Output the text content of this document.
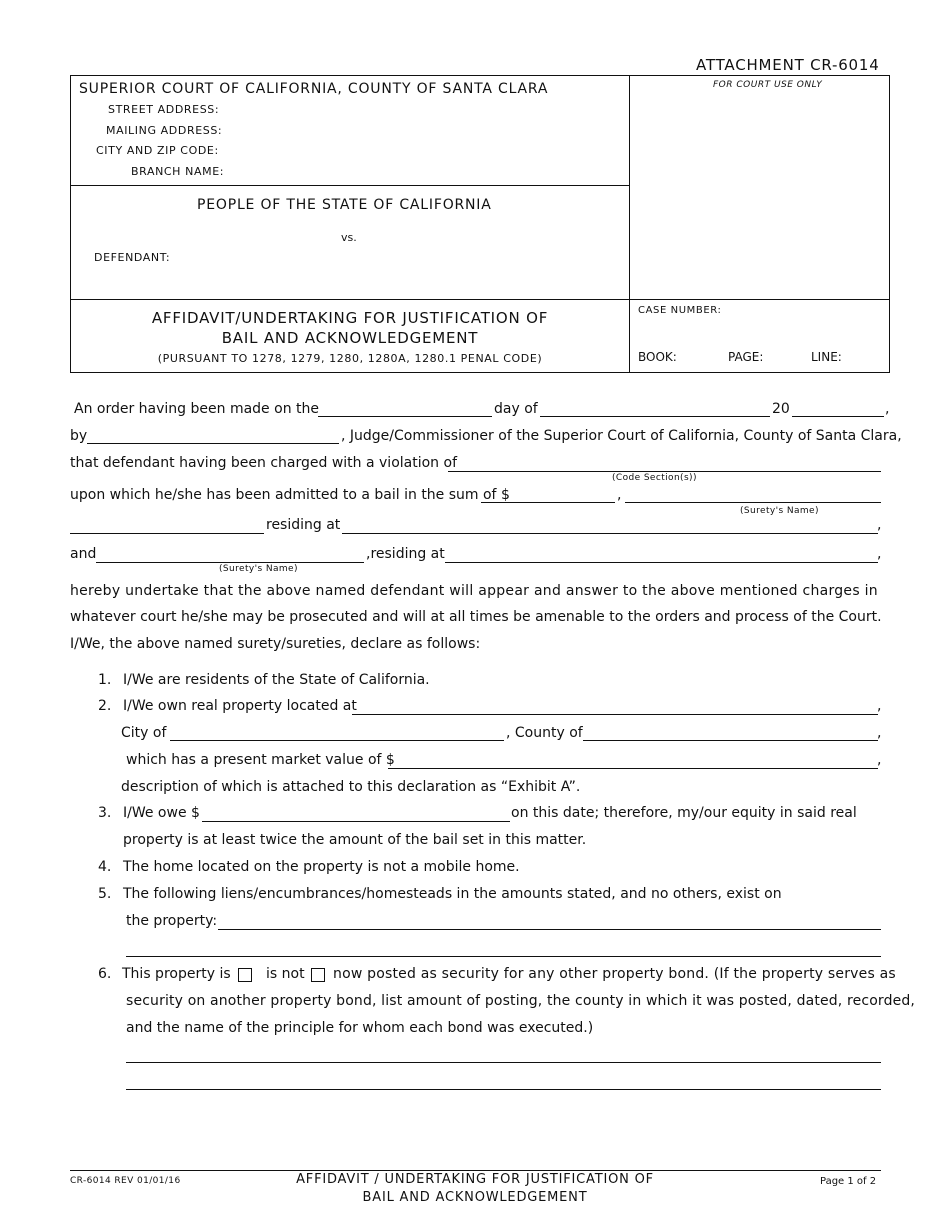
ATTACHMENT CR-6014
SUPERIOR COURT OF CALIFORNIA, COUNTY OF SANTA CLARA
STREET ADDRESS:
MAILING ADDRESS:
CITY AND ZIP CODE:
BRANCH NAME:
FOR COURT USE ONLY
PEOPLE OF THE STATE OF CALIFORNIA
vs.
DEFENDANT:
AFFIDAVIT/UNDERTAKING FOR JUSTIFICATION OF
BAIL AND ACKNOWLEDGEMENT
(PURSUANT TO 1278, 1279, 1280, 1280A, 1280.1 PENAL CODE)
CASE NUMBER:
BOOK:	PAGE:	LINE:
An order having been made on the	day of	20	,
by	, Judge/Commissioner of the Superior Court of California, County of Santa Clara,
that defendant having been charged with a violation of
(Code Section(s))
upon which he/she has been admitted to a bail in the sum of $	,
(Surety's Name)
residing at	,
and	,residing at	,
(Surety's Name)
hereby undertake that the above named defendant will appear and answer to the above mentioned charges in
whatever court he/she may be prosecuted and will at all times be amenable to the orders and process of the Court.
I/We, the above named surety/sureties, declare as follows:
1. I/We are residents of the State of California.
2. I/We own real property located at	,
City of	, County of	,
which has a present market value of $	,
description of which is attached to this declaration as “Exhibit A”.
3. I/We owe $	on this date; therefore, my/our equity in said real
property is at least twice the amount of the bail set in this matter.
4. The home located on the property is not a mobile home.
5. The following liens/encumbrances/homesteads in the amounts stated, and no others, exist on
the property:
6. This property is	is not now posted as security for any other property bond. (If the property serves as
security on another property bond, list amount of posting, the county in which it was posted, dated, recorded,
and the name of the principle for whom each bond was executed.)
CR-6014 REV 01/01/16	AFFIDAVIT / UNDERTAKING FOR JUSTIFICATION OF
BAIL AND ACKNOWLEDGEMENT
Page 1 of 2
